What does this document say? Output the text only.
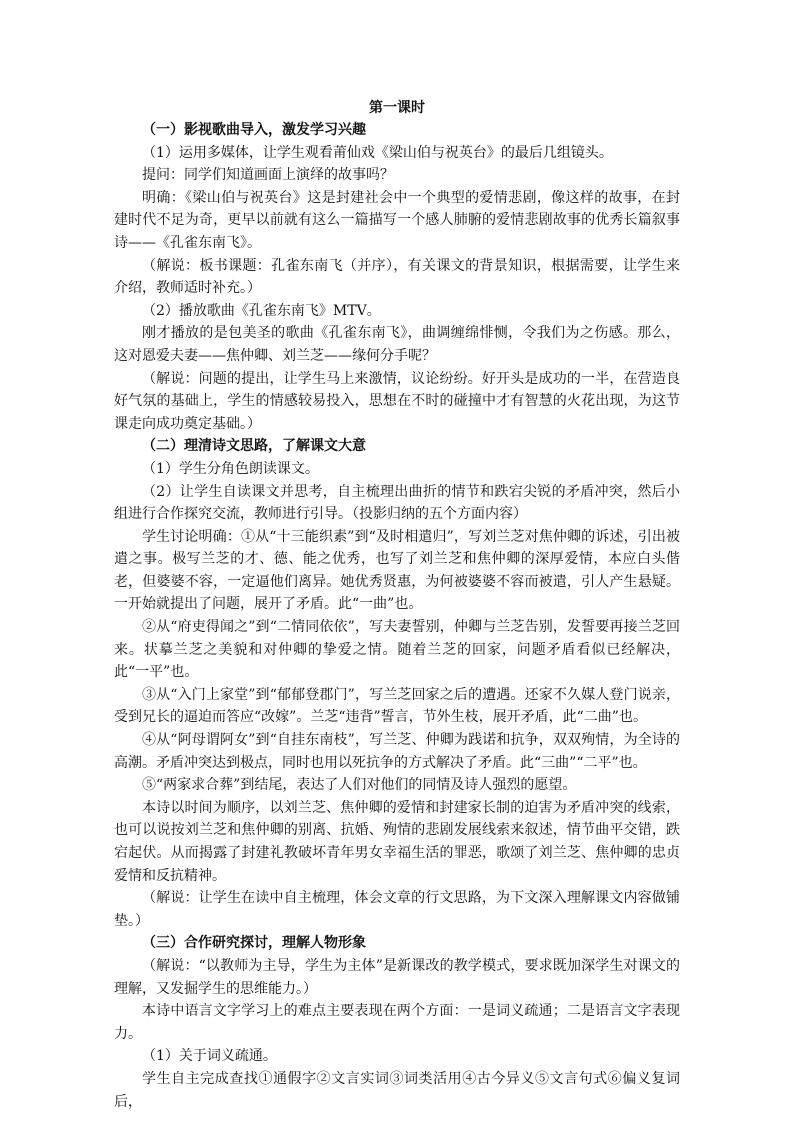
第一课时

（一）影视歌曲导入，激发学习兴趣

（1）运用多媒体，让学生观看莆仙戏《梁山伯与祝英台》的最后几组镜头。

提问：同学们知道画面上演绎的故事吗？

明确：《梁山伯与祝英台》这是封建社会中一个典型的爱情悲剧，像这样的故事，在封建时代不足为奇，更早以前就有这么一篇描写一个感人肺腑的爱情悲剧故事的优秀长篇叙事诗——《孔雀东南飞》。

（解说：板书课题：孔雀东南飞（并序），有关课文的背景知识，根据需要，让学生来介绍，教师适时补充。）

（2）播放歌曲《孔雀东南飞》MTV。

刚才播放的是包美圣的歌曲《孔雀东南飞》，曲调缠绵悱恻，令我们为之伤感。那么，这对恩爱夫妻——焦仲卿、刘兰芝——缘何分手呢？

（解说：问题的提出，让学生马上来激情，议论纷纷。好开头是成功的一半，在营造良好气氛的基础上，学生的情感较易投入，思想在不时的碰撞中才有智慧的火花出现，为这节课走向成功奠定基础。）

（二）理清诗文思路，了解课文大意

（1）学生分角色朗读课文。

（2）让学生自读课文并思考，自主梳理出曲折的情节和跌宕尖锐的矛盾冲突，然后小组进行合作探究交流，教师进行引导。（投影归纳的五个方面内容）

学生讨论明确：①从“十三能织素”到“及时相遣归”，写刘兰芝对焦仲卿的诉述，引出被遣之事。极写兰芝的才、德、能之优秀，也写了刘兰芝和焦仲卿的深厚爱情，本应白头偕老，但婆婆不容，一定逼他们离异。她优秀贤惠，为何被婆婆不容而被遣，引人产生悬疑。一开始就提出了问题，展开了矛盾。此“一曲”也。

②从“府吏得闻之”到“二情同依依”，写夫妻誓别，仲卿与兰芝告别，发誓要再接兰芝回来。状摹兰芝之美貌和对仲卿的挚爱之情。随着兰芝的回家，问题矛盾看似已经解决，此“一平”也。

③从“入门上家堂”到“郁郁登郡门”，写兰芝回家之后的遭遇。还家不久媒人登门说亲，受到兄长的逼迫而答应“改嫁”。兰芝“违背”誓言，节外生枝，展开矛盾，此“二曲”也。

④从“阿母谓阿女”到“自挂东南枝”，写兰芝、仲卿为践诺和抗争，双双殉情，为全诗的高潮。矛盾冲突达到极点，同时也用以死抗争的方式解决了矛盾。此“三曲”“二平”也。

⑤“两家求合葬”到结尾，表达了人们对他们的同情及诗人强烈的愿望。

本诗以时间为顺序，以刘兰芝、焦仲卿的爱情和封建家长制的迫害为矛盾冲突的线索，也可以说按刘兰芝和焦仲卿的别离、抗婚、殉情的悲剧发展线索来叙述，情节曲平交错，跌宕起伏。从而揭露了封建礼教破坏青年男女幸福生活的罪恶，歌颂了刘兰芝、焦仲卿的忠贞爱情和反抗精神。

（解说：让学生在读中自主梳理，体会文章的行文思路，为下文深入理解课文内容做铺垫。）

（三）合作研究探讨，理解人物形象

（解说：“以教师为主导，学生为主体”是新课改的教学模式，要求既加深学生对课文的理解，又发掘学生的思维能力。）

本诗中语言文字学习上的难点主要表现在两个方面：一是词义疏通；二是语言文字表现力。

（1）关于词义疏通。

学生自主完成查找①通假字②文言实词③词类活用④古今异义⑤文言句式⑥偏义复词后，
